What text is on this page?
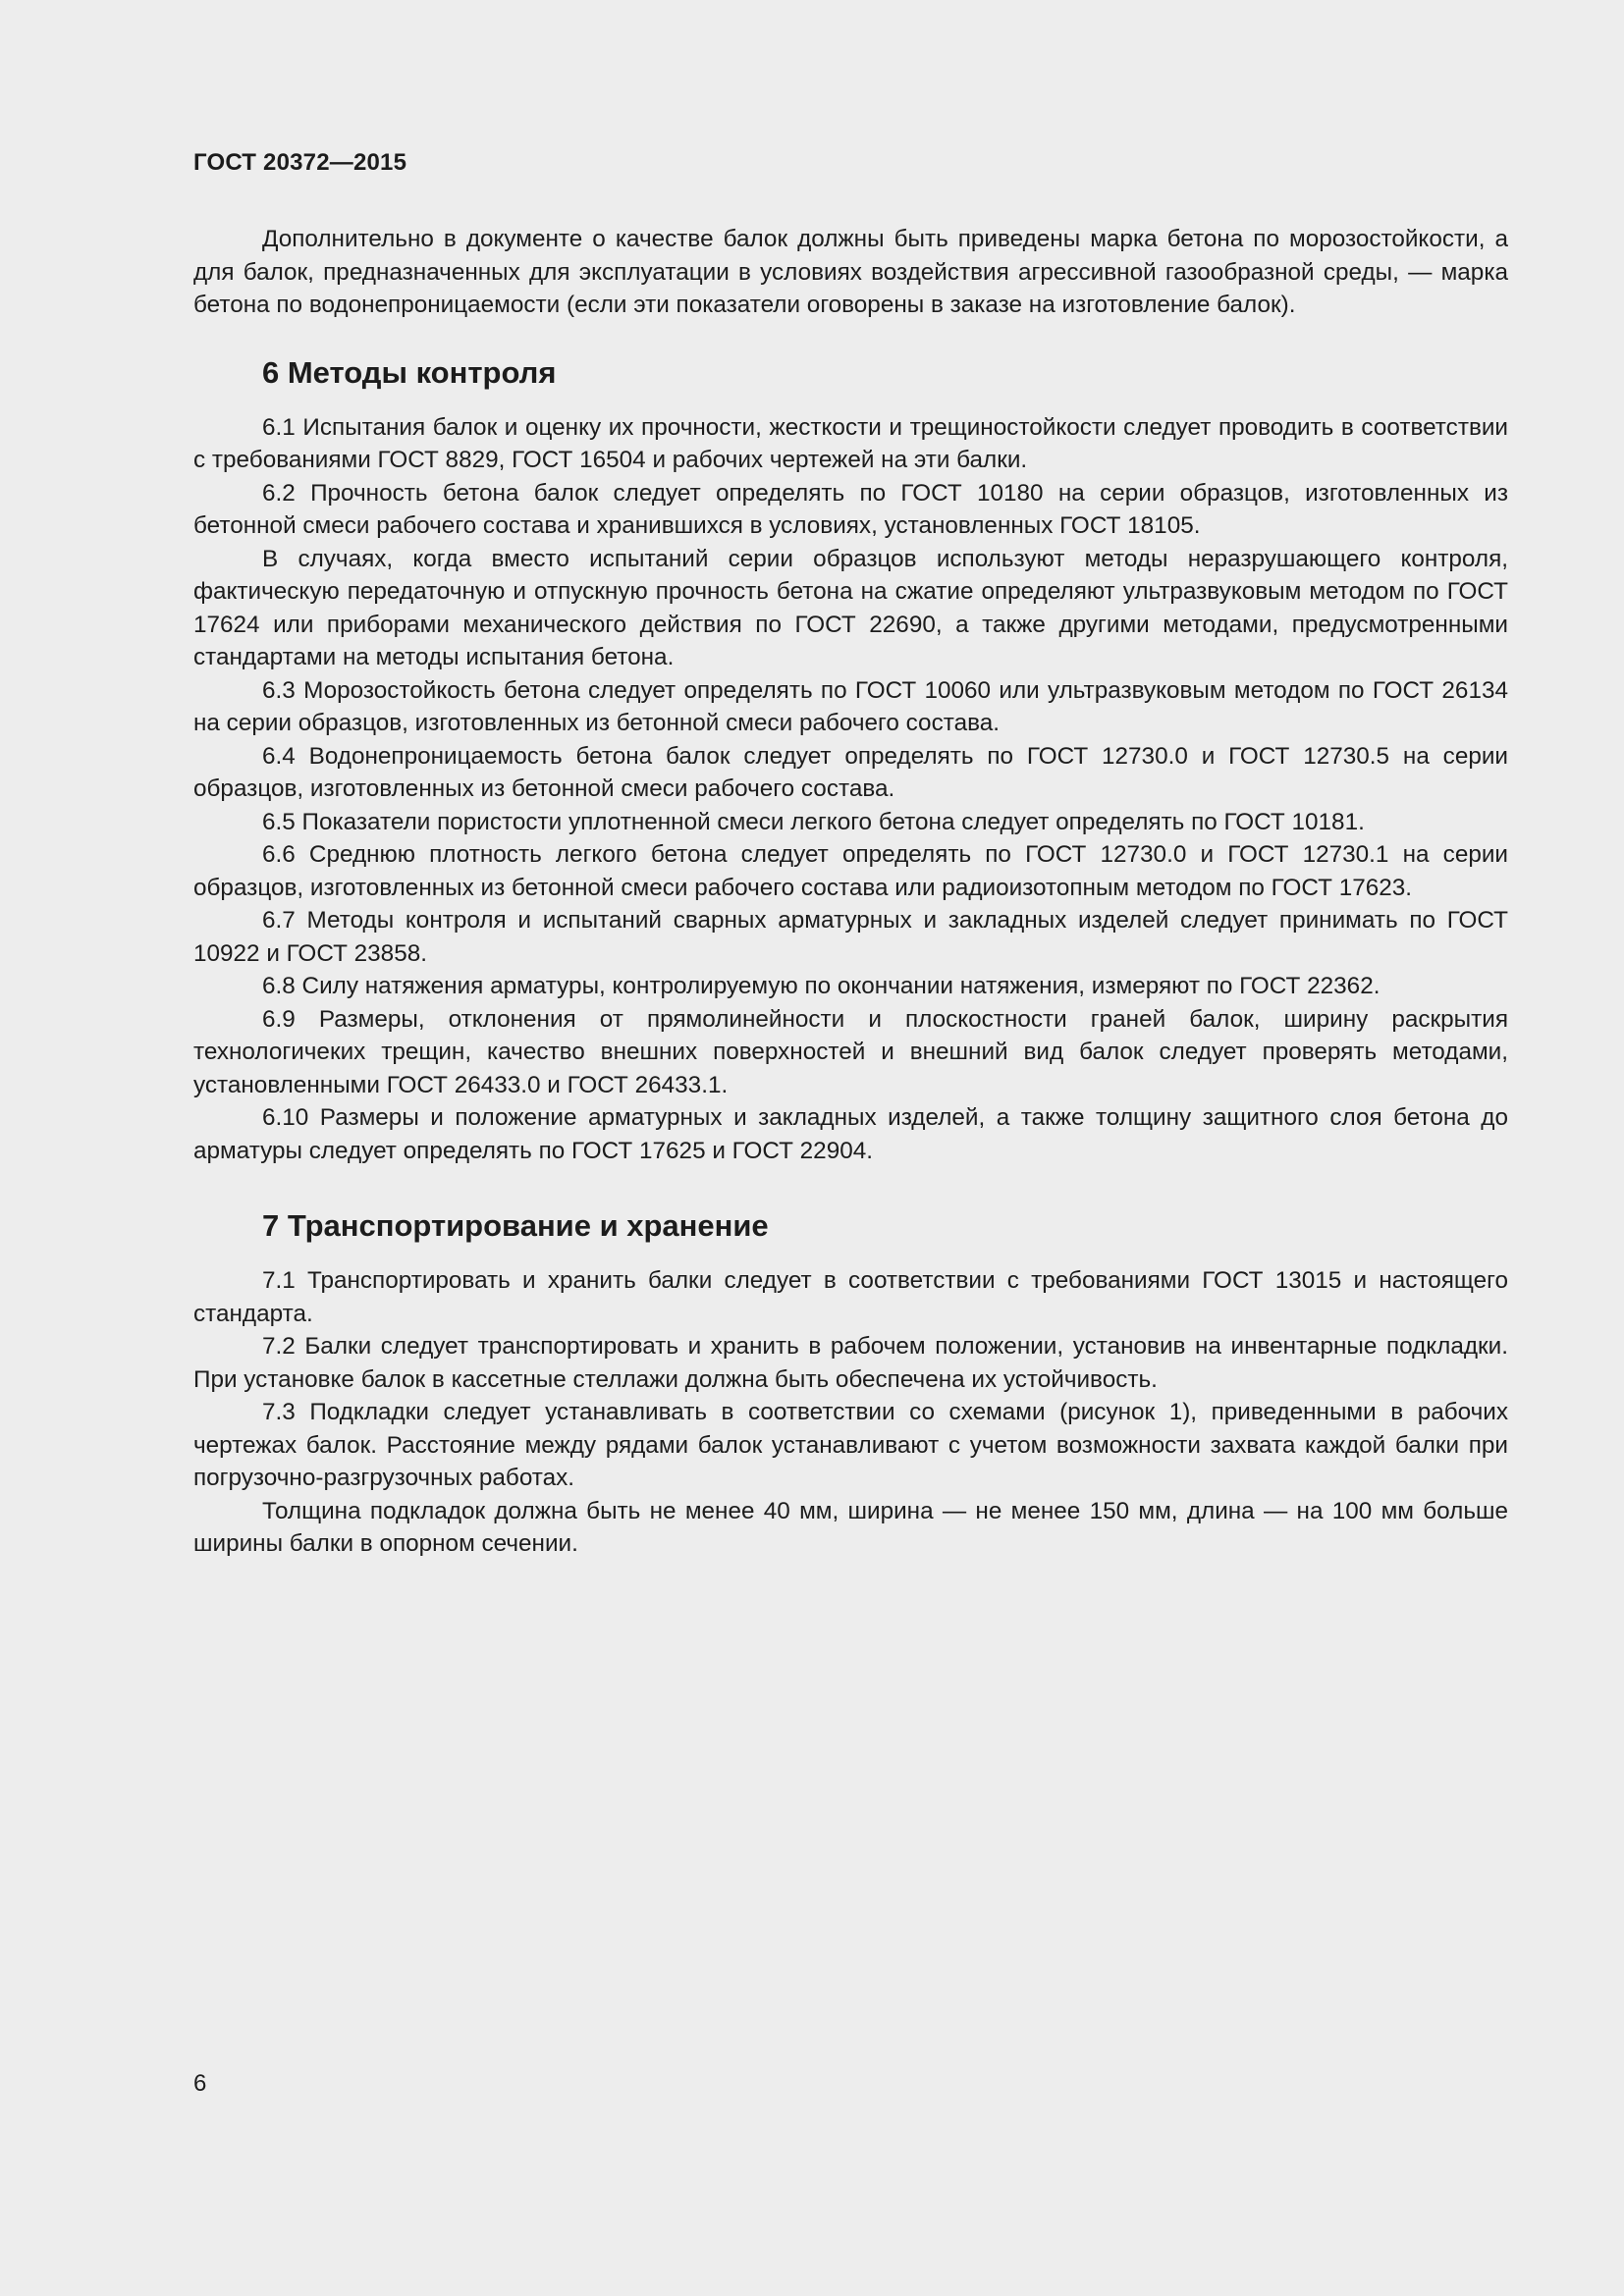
ГОСТ 20372—2015

Дополнительно в документе о качестве балок должны быть приведены марка бетона по морозостойкости, а для балок, предназначенных для эксплуатации в условиях воздействия агрессивной газообразной среды, — марка бетона по водонепроницаемости (если эти показатели оговорены в заказе на изготовление балок).

6 Методы контроля

6.1 Испытания балок и оценку их прочности, жесткости и трещиностойкости следует проводить в соответствии с требованиями ГОСТ 8829, ГОСТ 16504 и рабочих чертежей на эти балки.

6.2 Прочность бетона балок следует определять по ГОСТ 10180 на серии образцов, изготовленных из бетонной смеси рабочего состава и хранившихся в условиях, установленных ГОСТ 18105.

В случаях, когда вместо испытаний серии образцов используют методы неразрушающего контроля, фактическую передаточную и отпускную прочность бетона на сжатие определяют ультразвуковым методом по ГОСТ 17624 или приборами механического действия по ГОСТ 22690, а также другими методами, предусмотренными стандартами на методы испытания бетона.

6.3 Морозостойкость бетона следует определять по ГОСТ 10060 или ультразвуковым методом по ГОСТ 26134 на серии образцов, изготовленных из бетонной смеси рабочего состава.

6.4 Водонепроницаемость бетона балок следует определять по ГОСТ 12730.0 и ГОСТ 12730.5 на серии образцов, изготовленных из бетонной смеси рабочего состава.

6.5 Показатели пористости уплотненной смеси легкого бетона следует определять по ГОСТ 10181.

6.6 Среднюю плотность легкого бетона следует определять по ГОСТ 12730.0 и ГОСТ 12730.1 на серии образцов, изготовленных из бетонной смеси рабочего состава или радиоизотопным методом по ГОСТ 17623.

6.7 Методы контроля и испытаний сварных арматурных и закладных изделей следует принимать по ГОСТ 10922 и ГОСТ 23858.

6.8 Силу натяжения арматуры, контролируемую по окончании натяжения, измеряют по ГОСТ 22362.

6.9 Размеры, отклонения от прямолинейности и плоскостности граней балок, ширину раскрытия технологичеких трещин, качество внешних поверхностей и внешний вид балок следует проверять методами, установленными ГОСТ 26433.0 и ГОСТ 26433.1.

6.10 Размеры и положение арматурных и закладных изделей, а также толщину защитного слоя бетона до арматуры следует определять по ГОСТ 17625 и ГОСТ 22904.

7 Транспортирование и хранение

7.1 Транспортировать и хранить балки следует в соответствии с требованиями ГОСТ 13015 и настоящего стандарта.

7.2 Балки следует транспортировать и хранить в рабочем положении, установив на инвентарные подкладки. При установке балок в кассетные стеллажи должна быть обеспечена их устойчивость.

7.3 Подкладки следует устанавливать в соответствии со схемами (рисунок 1), приведенными в рабочих чертежах балок. Расстояние между рядами балок устанавливают с учетом возможности захвата каждой балки при погрузочно-разгрузочных работах.

Толщина подкладок должна быть не менее 40 мм, ширина — не менее 150 мм, длина — на 100 мм больше ширины балки в опорном сечении.

6
